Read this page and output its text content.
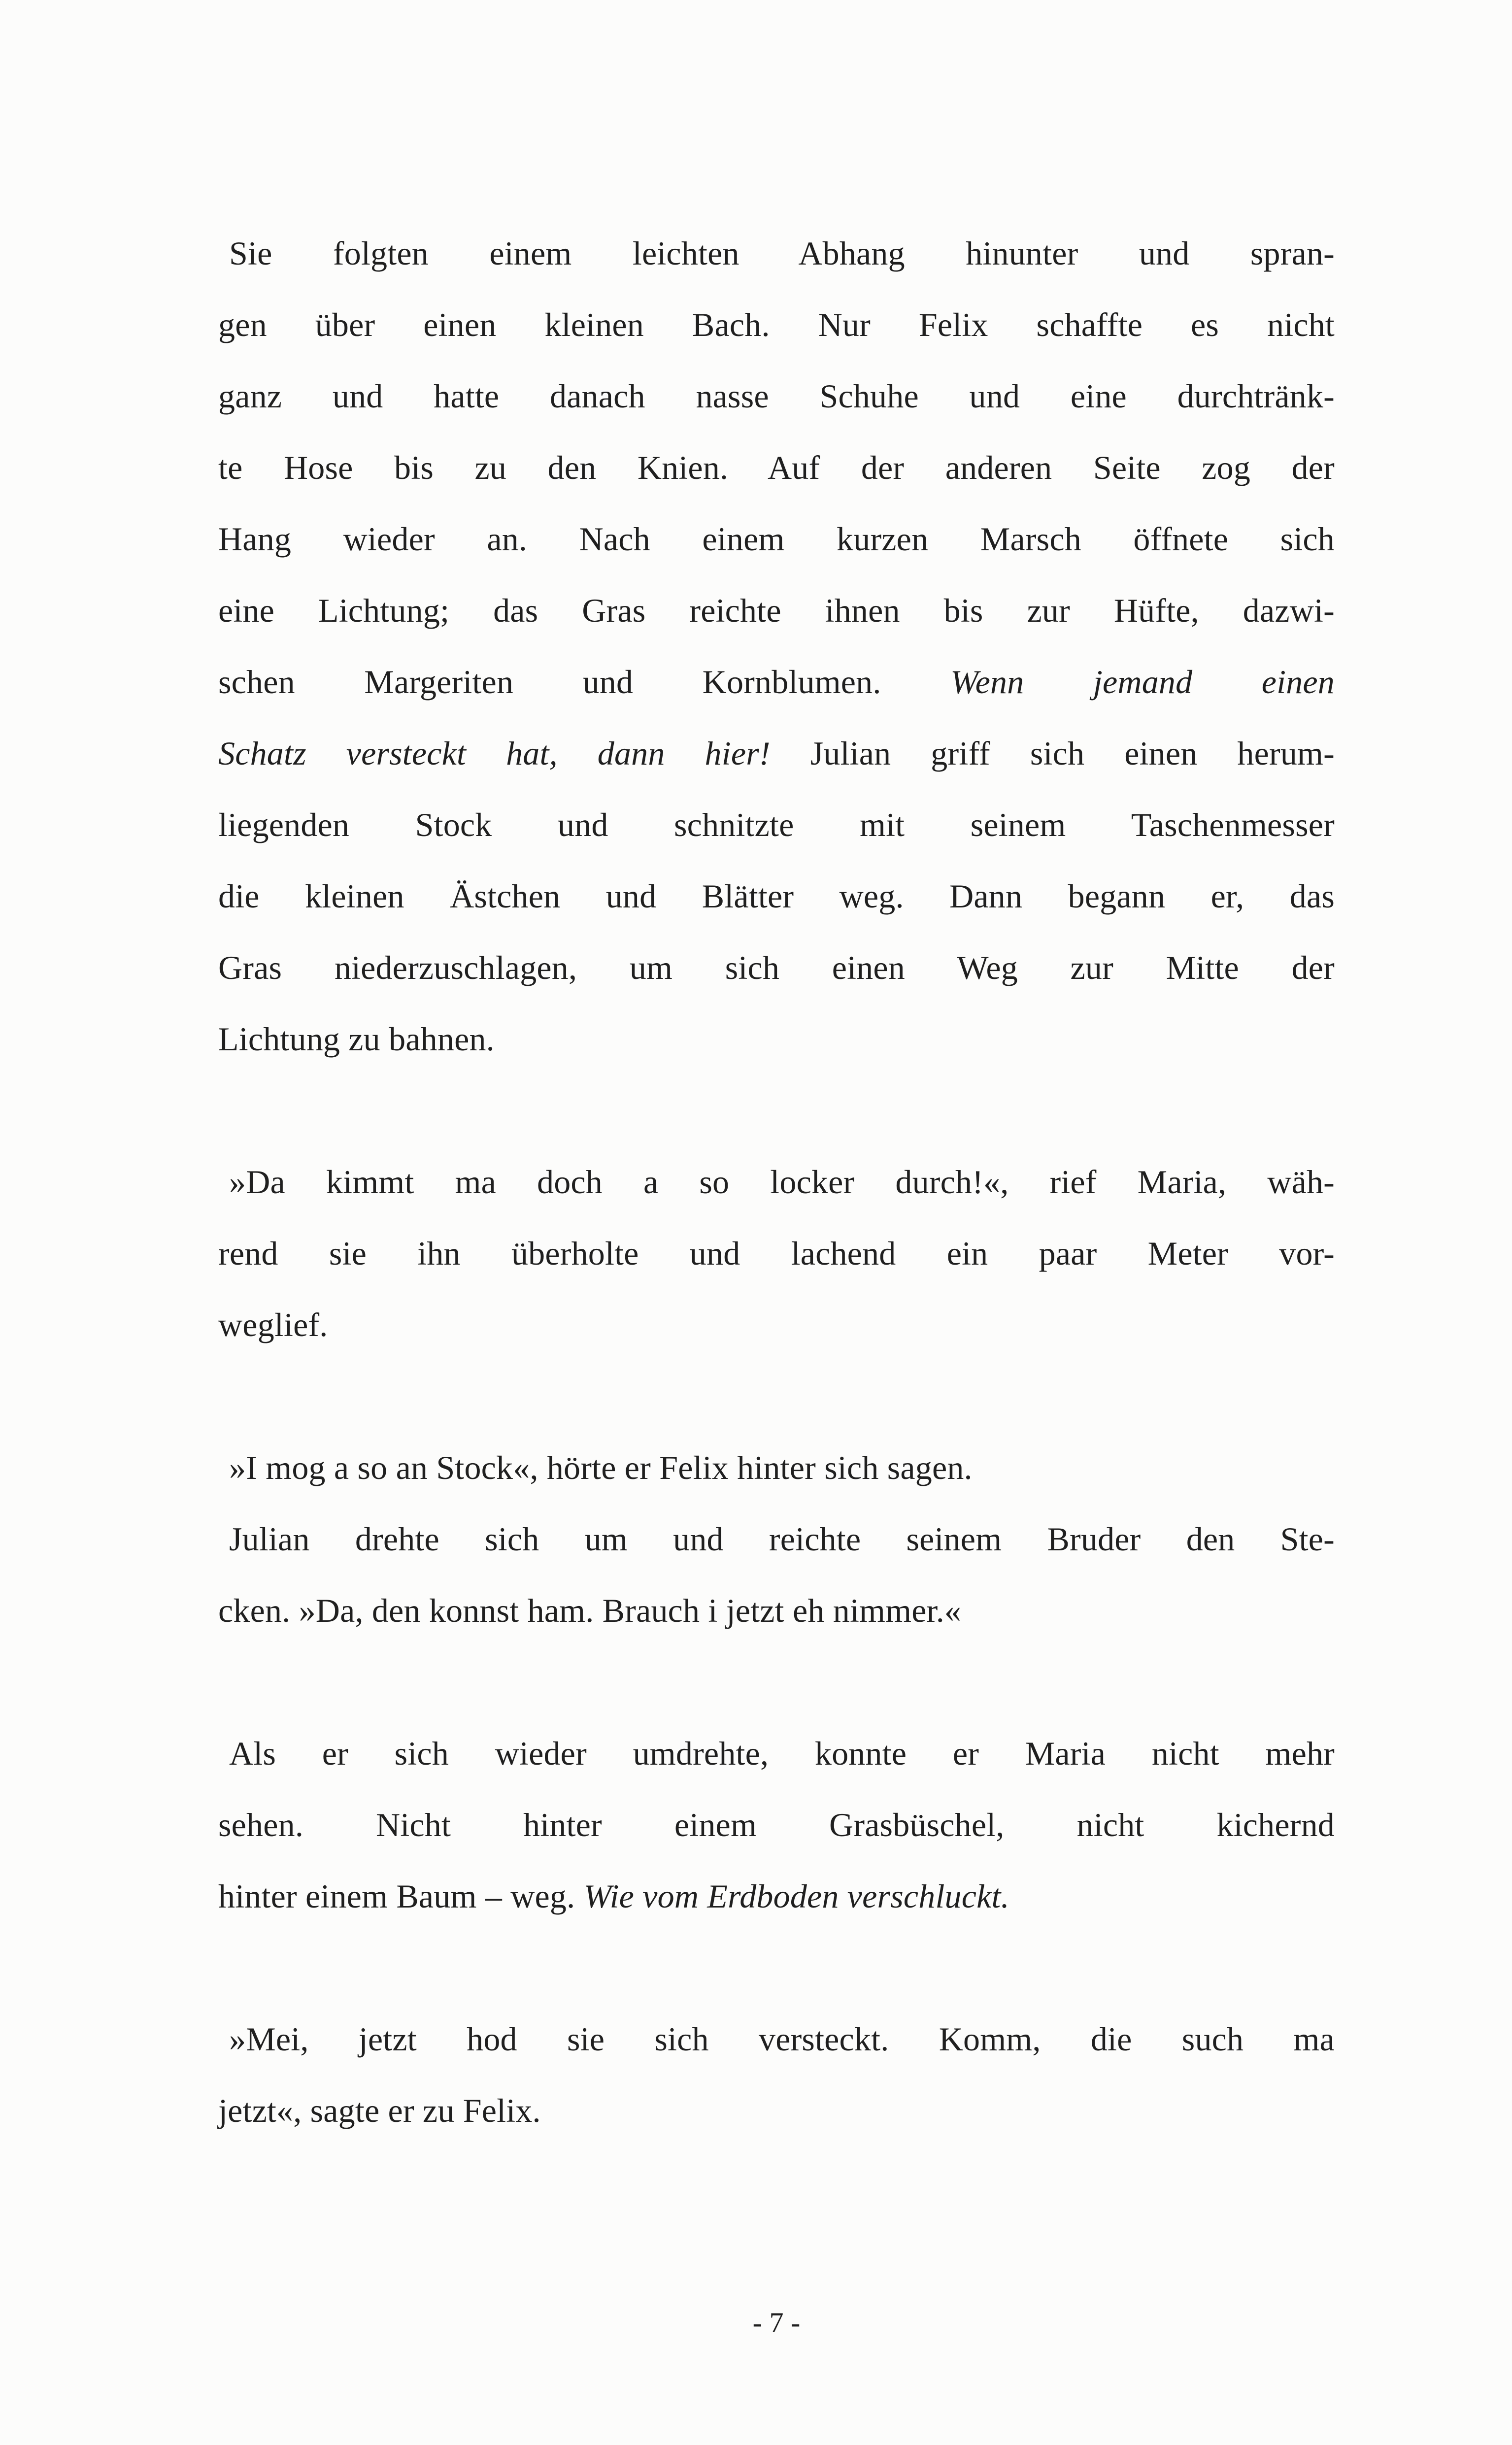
Sie folgten einem leichten Abhang hinunter und spran-
gen über einen kleinen Bach. Nur Felix schaffte es nicht
ganz und hatte danach nasse Schuhe und eine durchtränk-
te Hose bis zu den Knien. Auf der anderen Seite zog der
Hang wieder an. Nach einem kurzen Marsch öffnete sich
eine Lichtung; das Gras reichte ihnen bis zur Hüfte, dazwi-
schen Margeriten und Kornblumen. Wenn jemand einen
Schatz versteckt hat, dann hier! Julian griff sich einen herum-
liegenden Stock und schnitzte mit seinem Taschenmesser
die kleinen Ästchen und Blätter weg. Dann begann er, das
Gras niederzuschlagen, um sich einen Weg zur Mitte der
Lichtung zu bahnen.
»Da kimmt ma doch a so locker durch!«, rief Maria, wäh-
rend sie ihn überholte und lachend ein paar Meter vor-
weglief.
»I mog a so an Stock«, hörte er Felix hinter sich sagen.
Julian drehte sich um und reichte seinem Bruder den Ste-
cken. »Da, den konnst ham. Brauch i jetzt eh nimmer.«
Als er sich wieder umdrehte, konnte er Maria nicht mehr
sehen. Nicht hinter einem Grasbüschel, nicht kichernd
hinter einem Baum – weg. Wie vom Erdboden verschluckt.
»Mei, jetzt hod sie sich versteckt. Komm, die such ma
jetzt«, sagte er zu Felix.
- 7 -
